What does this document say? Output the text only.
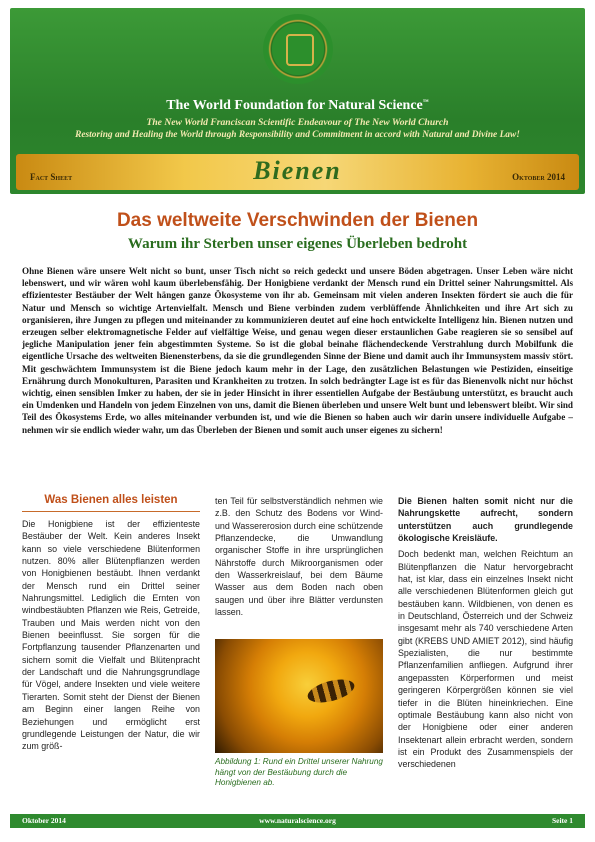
The World Foundation for Natural Science™
The New World Franciscan Scientific Endeavour of The New World Church
Restoring and Healing the World through Responsibility and Commitment in accord with Natural and Divine Law!
Fact Sheet	Bienen	Oktober 2014
Das weltweite Verschwinden der Bienen
Warum ihr Sterben unser eigenes Überleben bedroht
Ohne Bienen wäre unsere Welt nicht so bunt, unser Tisch nicht so reich gedeckt und unsere Böden abgetragen. Unser Leben wäre nicht lebenswert, und wir wären wohl kaum überlebensfähig. Der Honigbiene verdankt der Mensch rund ein Drittel seiner Nahrungsmittel. Als effizientester Bestäuber der Welt hängen ganze Ökosysteme von ihr ab. Gemeinsam mit vielen anderen Insekten fördert sie auch die für Natur und Mensch so wichtige Artenvielfalt. Mensch und Biene verbinden zudem verblüffende Ähnlichkeiten und ihre Art sich zu organisieren, ihre Jungen zu pflegen und miteinander zu kommunizieren deutet auf eine hoch entwickelte Intelligenz hin. Bienen nutzen und erzeugen selber elektromagnetische Felder auf vielfältige Weise, und genau wegen dieser erstaunlichen Gabe reagieren sie so sensibel auf jegliche Manipulation jener fein abgestimmten Systeme. So ist die global beinahe flächendeckende Verstrahlung durch Mobilfunk die eigentliche Ursache des weltweiten Bienensterbens, da sie die grundlegenden Sinne der Biene und damit auch ihr Immunsystem massiv stört. Mit geschwächtem Immunsystem ist die Biene jedoch kaum mehr in der Lage, den zusätzlichen Belastungen wie Pestiziden, einseitige Ernährung durch Monokulturen, Parasiten und Krankheiten zu trotzen. In solch bedrängter Lage ist es für das Bienenvolk nicht nur höchst wichtig, einen sensiblen Imker zu haben, der sie in jeder Hinsicht in ihrer essentiellen Aufgabe der Bestäubung unterstützt, es braucht auch ein Umdenken und Handeln von jedem Einzelnen von uns, damit die Bienen überleben und unsere Welt bunt und lebenswert bleibt. Wir sind Teil des Ökosystems Erde, wo alles miteinander verbunden ist, und wie die Bienen so haben auch wir darin unsere individuelle Aufgabe – nehmen wir sie endlich wieder wahr, um das Überleben der Bienen und somit auch unser eigenes zu sichern!
Was Bienen alles leisten
Die Honigbiene ist der effizienteste Bestäuber der Welt. Kein anderes Insekt kann so viele verschiedene Blütenformen nutzen. 80% aller Blütenpflanzen werden von Honigbienen bestäubt. Ihnen verdankt der Mensch rund ein Drittel seiner Nahrungsmittel. Lediglich die Ernten von windbestäubten Pflanzen wie Reis, Getreide, Trauben und Mais werden nicht von den Bienen beeinflusst. Sie sorgen für die Fortpflanzung tausender Pflanzenarten und sichern somit die Vielfalt und Blütenpracht der Landschaft und die Nahrungsgrundlage für Vögel, andere Insekten und viele weitere Tierarten. Somit steht der Dienst der Bienen am Beginn einer langen Reihe von Beziehungen und ermöglicht erst grundlegende Leistungen der Natur, die wir zum größ-
ten Teil für selbstverständlich nehmen wie z.B. den Schutz des Bodens vor Wind- und Wassererosion durch eine schützende Pflanzendecke, die Umwandlung organischer Stoffe in ihre ursprünglichen Nährstoffe durch Mikroorganismen oder den Wasserkreislauf, bei dem Bäume Wasser aus dem Boden nach oben saugen und über ihre Blätter verdunsten lassen.
Abbildung 1: Rund ein Drittel unserer Nahrung hängt von der Bestäubung durch die Honigbienen ab.
Die Bienen halten somit nicht nur die Nahrungskette aufrecht, sondern unterstützen auch grundlegende ökologische Kreisläufe.
Doch bedenkt man, welchen Reichtum an Blütenpflanzen die Natur hervorgebracht hat, ist klar, dass ein einzelnes Insekt nicht alle verschiedenen Blütenformen gleich gut bestäuben kann. Wildbienen, von denen es in Deutschland, Österreich und der Schweiz insgesamt mehr als 740 verschiedene Arten gibt (KREBS UND AMIET 2012), sind häufig Spezialisten, die nur bestimmte Pflanzenfamilien anfliegen. Aufgrund ihrer angepassten Körperformen und meist geringeren Körpergrößen können sie viel tiefer in die Blüten hineinkriechen. Eine optimale Bestäubung kann also nicht von der Honigbiene oder einer anderen Insektenart allein erbracht werden, sondern ist ein Produkt des Zusammenspiels der verschiedenen
Oktober 2014	www.naturalscience.org	Seite 1
